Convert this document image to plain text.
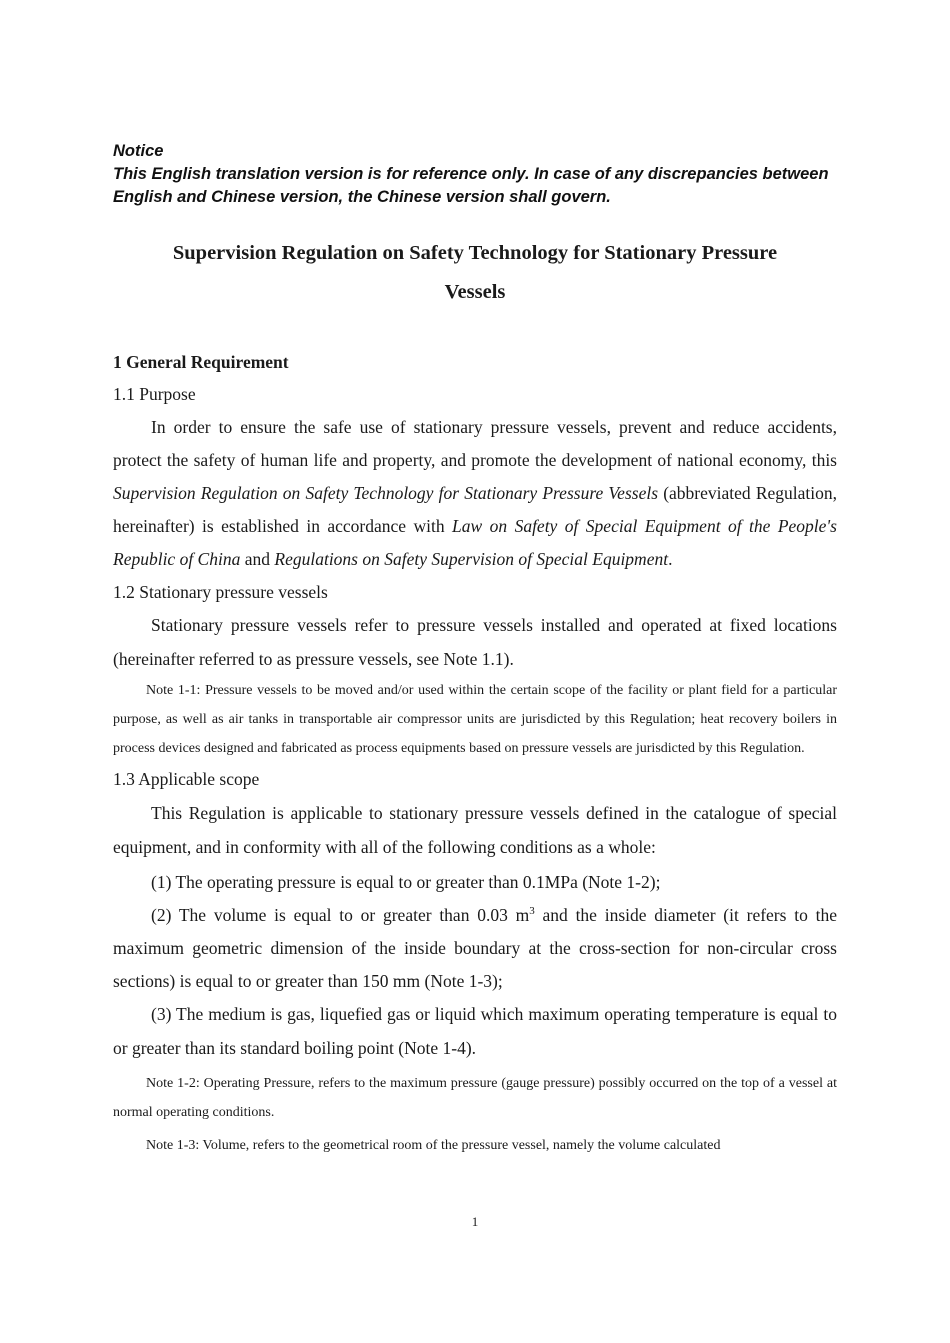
Notice
This English translation version is for reference only. In case of any discrepancies between English and Chinese version, the Chinese version shall govern.
Supervision Regulation on Safety Technology for Stationary Pressure
Vessels
1 General Requirement
1.1 Purpose

In order to ensure the safe use of stationary pressure vessels, prevent and reduce accidents, protect the safety of human life and property, and promote the development of national economy, this Supervision Regulation on Safety Technology for Stationary Pressure Vessels (abbreviated Regulation, hereinafter) is established in accordance with Law on Safety of Special Equipment of the People's Republic of China and Regulations on Safety Supervision of Special Equipment.

1.2 Stationary pressure vessels

Stationary pressure vessels refer to pressure vessels installed and operated at fixed locations (hereinafter referred to as pressure vessels, see Note 1.1).

Note 1-1: Pressure vessels to be moved and/or used within the certain scope of the facility or plant field for a particular purpose, as well as air tanks in transportable air compressor units are jurisdicted by this Regulation; heat recovery boilers in process devices designed and fabricated as process equipments based on pressure vessels are jurisdicted by this Regulation.

1.3 Applicable scope

This Regulation is applicable to stationary pressure vessels defined in the catalogue of special equipment, and in conformity with all of the following conditions as a whole:

(1) The operating pressure is equal to or greater than 0.1MPa (Note 1-2);

(2) The volume is equal to or greater than 0.03 $m^3$ and the inside diameter (it refers to the maximum geometric dimension of the inside boundary at the cross-section for non-circular cross sections) is equal to or greater than 150 mm (Note 1-3);

(3) The medium is gas, liquefied gas or liquid which maximum operating temperature is equal to or greater than its standard boiling point (Note 1-4).

Note 1-2: Operating Pressure, refers to the maximum pressure (gauge pressure) possibly occurred on the top of a vessel at normal operating conditions.

Note 1-3: Volume, refers to the geometrical room of the pressure vessel, namely the volume calculated

1
